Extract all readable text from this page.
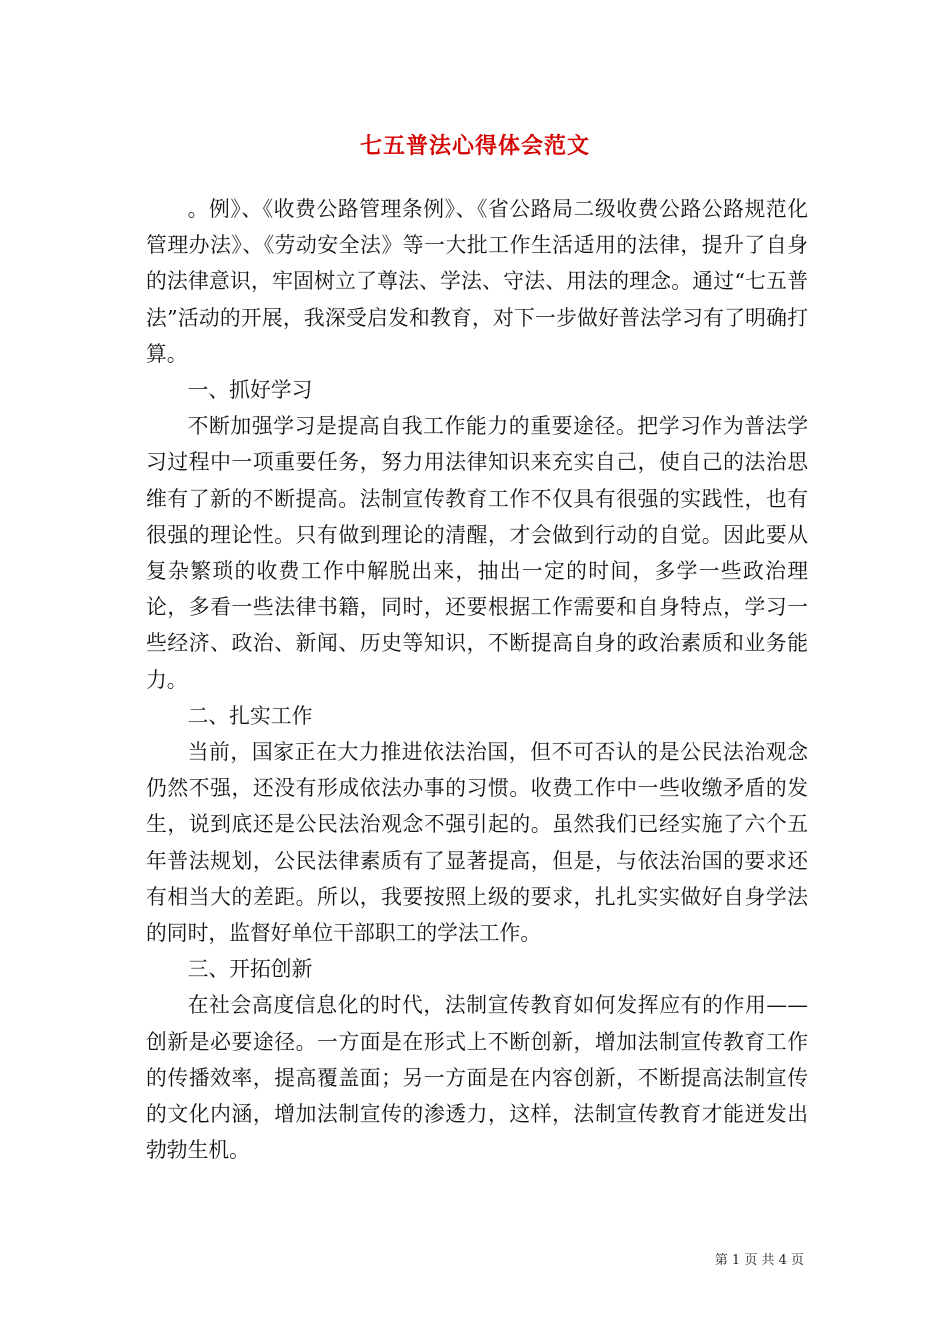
七五普法心得体会范文

。例》、《收费公路管理条例》、《省公路局二级收费公路公路规范化管理办法》、《劳动安全法》等一大批工作生活适用的法律，提升了自身的法律意识，牢固树立了尊法、学法、守法、用法的理念。通过“七五普法”活动的开展，我深受启发和教育，对下一步做好普法学习有了明确打算。

一、抓好学习

不断加强学习是提高自我工作能力的重要途径。把学习作为普法学习过程中一项重要任务，努力用法律知识来充实自己，使自己的法治思维有了新的不断提高。法制宣传教育工作不仅具有很强的实践性，也有很强的理论性。只有做到理论的清醒，才会做到行动的自觉。因此要从复杂繁琐的收费工作中解脱出来，抽出一定的时间，多学一些政治理论，多看一些法律书籍，同时，还要根据工作需要和自身特点，学习一些经济、政治、新闻、历史等知识，不断提高自身的政治素质和业务能力。

二、扎实工作

当前，国家正在大力推进依法治国，但不可否认的是公民法治观念仍然不强，还没有形成依法办事的习惯。收费工作中一些收缴矛盾的发生，说到底还是公民法治观念不强引起的。虽然我们已经实施了六个五年普法规划，公民法律素质有了显著提高，但是，与依法治国的要求还有相当大的差距。所以，我要按照上级的要求，扎扎实实做好自身学法的同时，监督好单位干部职工的学法工作。

三、开拓创新

在社会高度信息化的时代，法制宣传教育如何发挥应有的作用——创新是必要途径。一方面是在形式上不断创新，增加法制宣传教育工作的传播效率，提高覆盖面；另一方面是在内容创新，不断提高法制宣传的文化内涵，增加法制宣传的渗透力，这样，法制宣传教育才能迸发出勃勃生机。

第 1 页 共 4 页
